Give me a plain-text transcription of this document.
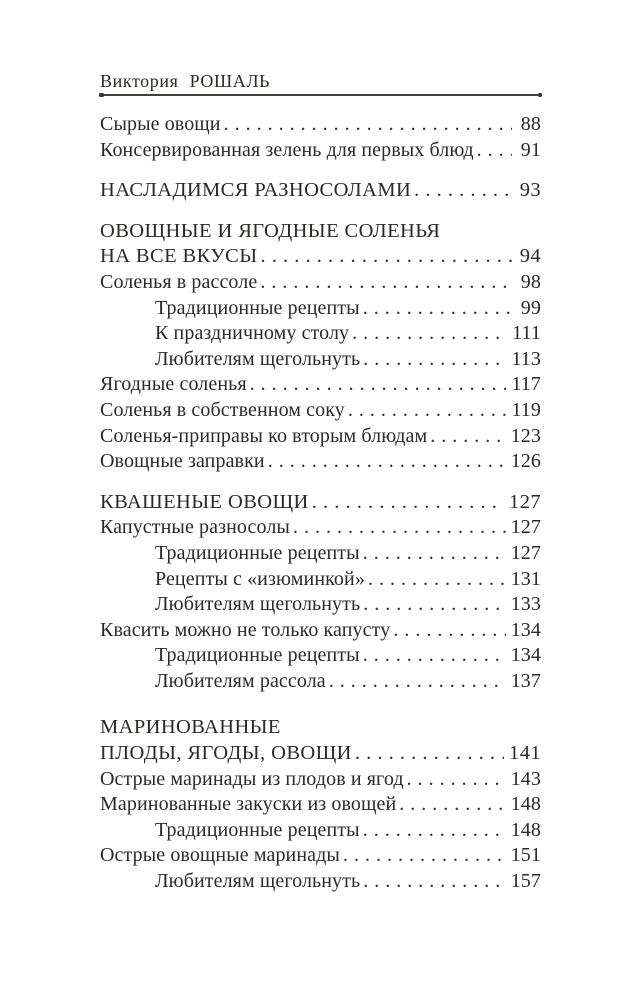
Виктория РОШАЛЬ
Сырые овощи . . .	88
Консервированная зелень для первых блюд . . . 91
НАСЛАДИМСЯ РАЗНОСОЛАМИ . . .	93
ОВОЩНЫЕ И ЯГОДНЫЕ СОЛЕНЬЯ
НА ВСЕ ВКУСЫ . . .	94
Соленья в рассоле . . .	98
Традиционные рецепты . . .	99
К праздничному столу . . .	111
Любителям щегольнуть . . .	113
Ягодные соленья . . .	117
Соленья в собственном соку . . .	119
Соленья-приправы ко вторым блюдам . . .	123
Овощные заправки . . .	126
КВАШЕНЫЕ ОВОЩИ . . .	127
Капустные разносолы . . .	127
Традиционные рецепты . . .	127
Рецепты с «изюминкой» . . .	131
Любителям щегольнуть . . .	133
Квасить можно не только капусту . . .	134
Традиционные рецепты . . .	134
Любителям рассола . . .	137
МАРИНОВАННЫЕ
ПЛОДЫ, ЯГОДЫ, ОВОЩИ . . .	141
Острые маринады из плодов и ягод . . .	143
Маринованные закуски из овощей . . .	148
Традиционные рецепты . . .	148
Острые овощные маринады . . .	151
Любителям щегольнуть . . .	157
